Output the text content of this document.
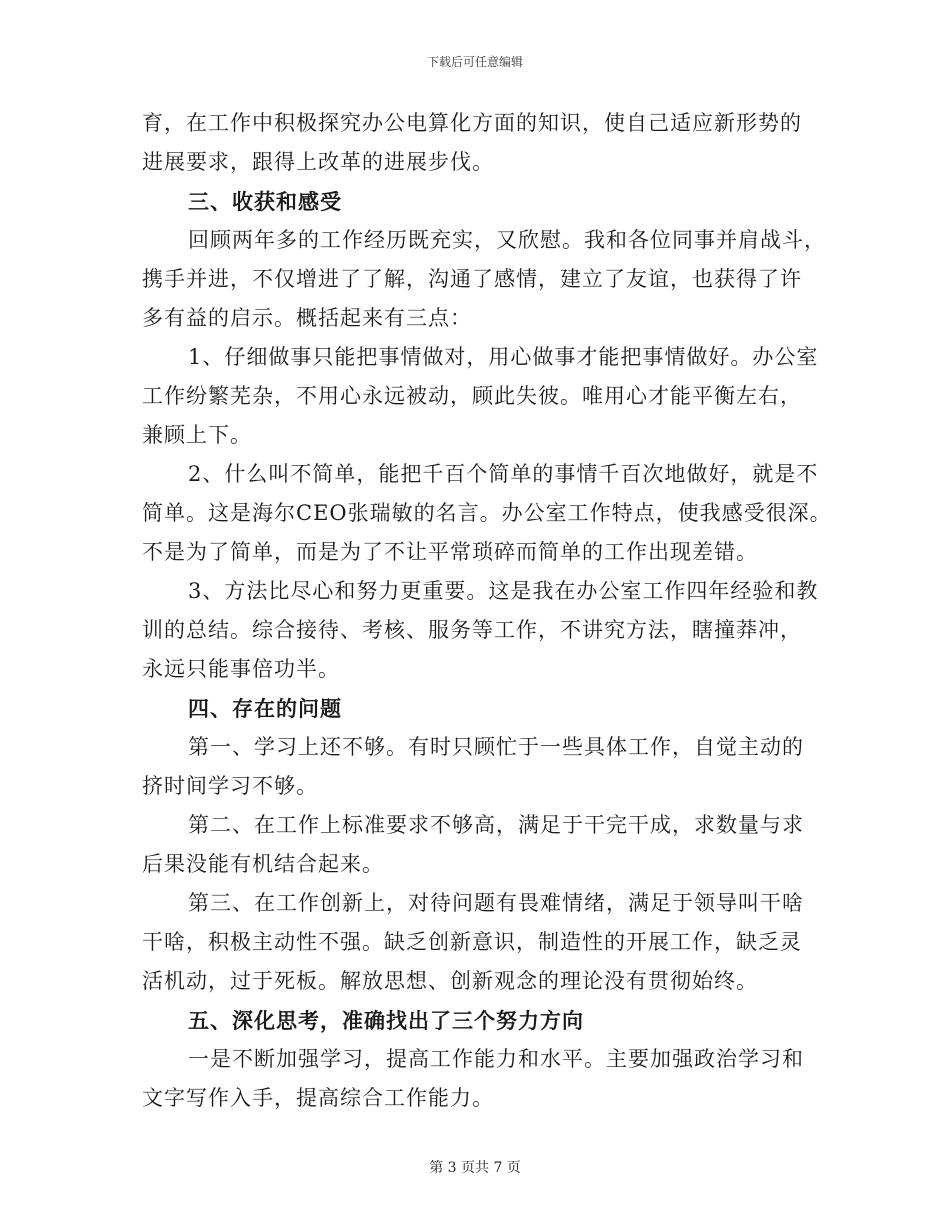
下载后可任意编辑
育，在工作中积极探究办公电算化方面的知识，使自己适应新形势的
进展要求，跟得上改革的进展步伐。
三、收获和感受
回顾两年多的工作经历既充实，又欣慰。我和各位同事并肩战斗，
携手并进，不仅增进了了解，沟通了感情，建立了友谊，也获得了许
多有益的启示。概括起来有三点：
1、仔细做事只能把事情做对，用心做事才能把事情做好。办公室
工作纷繁芜杂，不用心永远被动，顾此失彼。唯用心才能平衡左右，
兼顾上下。
2、什么叫不简单，能把千百个简单的事情千百次地做好，就是不
简单。这是海尔CEO张瑞敏的名言。办公室工作特点，使我感受很深。
不是为了简单，而是为了不让平常琐碎而简单的工作出现差错。
3、方法比尽心和努力更重要。这是我在办公室工作四年经验和教
训的总结。综合接待、考核、服务等工作，不讲究方法，瞎撞莽冲，
永远只能事倍功半。
四、存在的问题
第一、学习上还不够。有时只顾忙于一些具体工作，自觉主动的
挤时间学习不够。
第二、在工作上标准要求不够高，满足于干完干成，求数量与求
后果没能有机结合起来。
第三、在工作创新上，对待问题有畏难情绪，满足于领导叫干啥
干啥，积极主动性不强。缺乏创新意识，制造性的开展工作，缺乏灵
活机动，过于死板。解放思想、创新观念的理论没有贯彻始终。
五、深化思考，准确找出了三个努力方向
一是不断加强学习，提高工作能力和水平。主要加强政治学习和
文字写作入手，提高综合工作能力。
第 3 页共 7 页
